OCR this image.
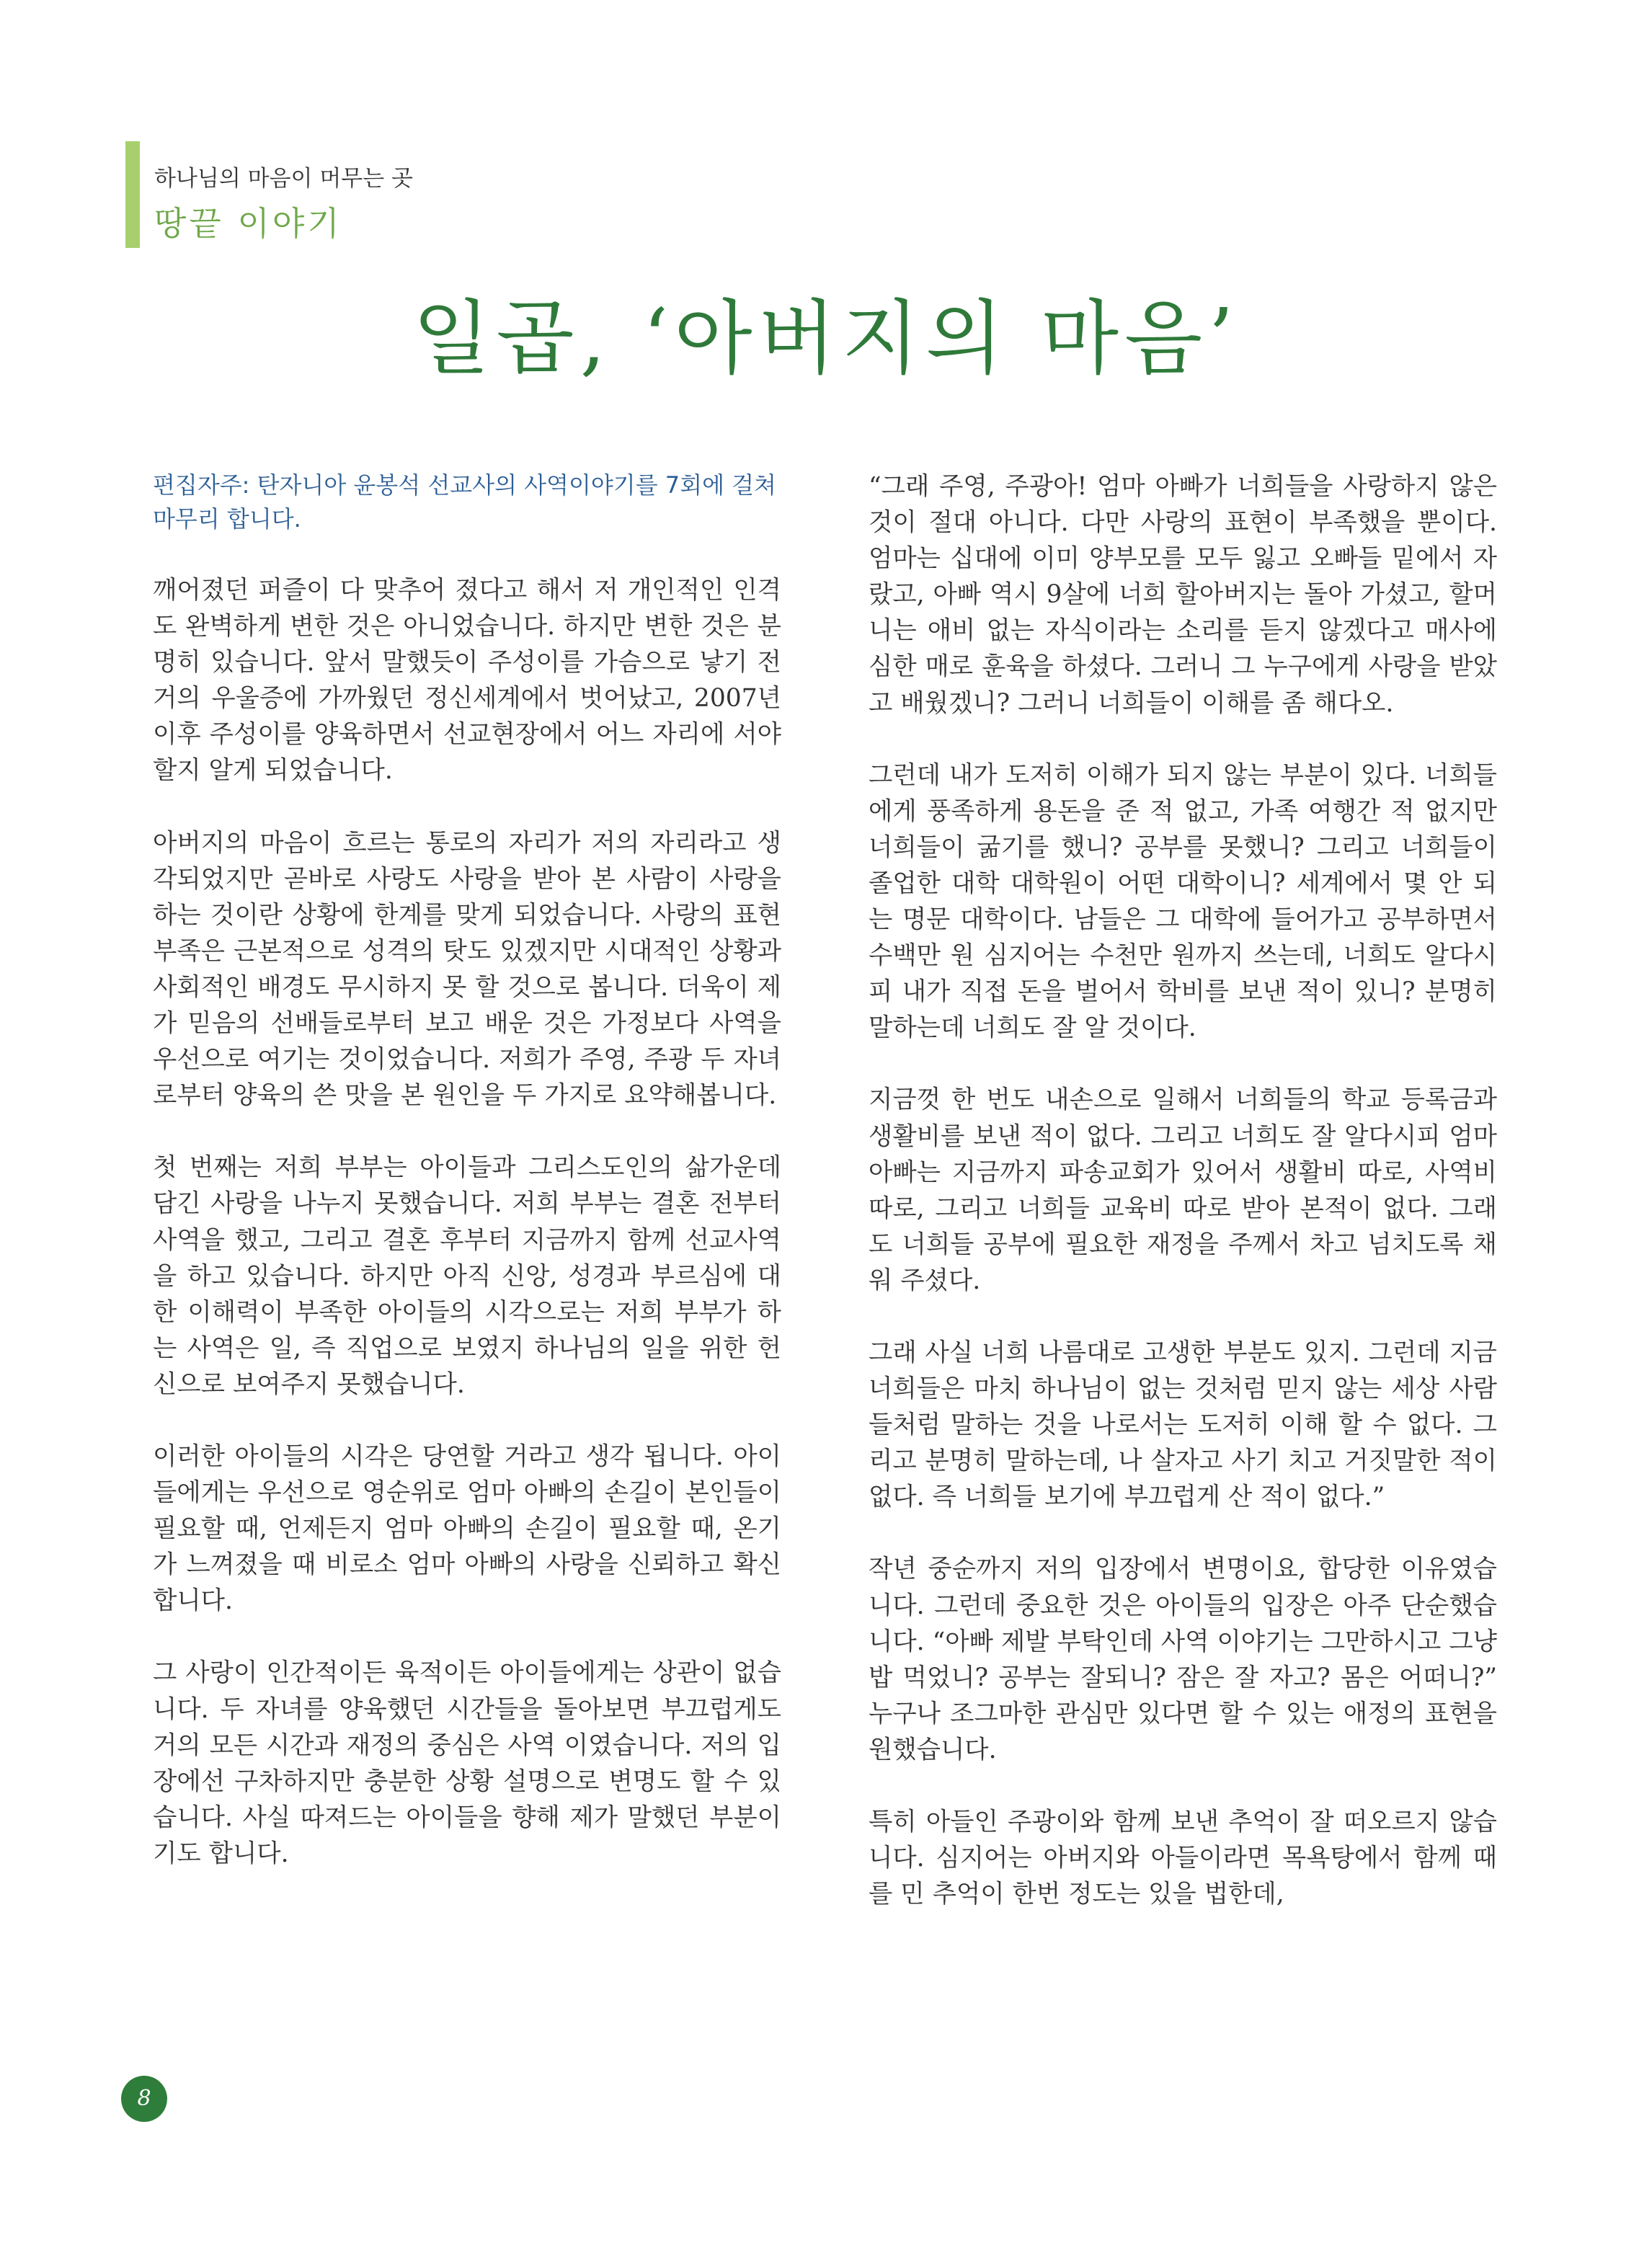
하나님의 마음이 머무는 곳
땅끝 이야기
일곱, ‘아버지의 마음’

편집자주: 탄자니아 윤봉석 선교사의 사역이야기를 7회에 걸쳐 마무리 합니다.

깨어졌던 퍼즐이 다 맞추어 졌다고 해서 저 개인적인 인격도 완벽하게 변한 것은 아니었습니다. 하지만 변한 것은 분명히 있습니다. 앞서 말했듯이 주성이를 가슴으로 낳기 전 거의 우울증에 가까웠던 정신세계에서 벗어났고, 2007년 이후 주성이를 양육하면서 선교현장에서 어느 자리에 서야 할지 알게 되었습니다.

아버지의 마음이 흐르는 통로의 자리가 저의 자리라고 생각되었지만 곧바로 사랑도 사랑을 받아 본 사람이 사랑을 하는 것이란 상황에 한계를 맞게 되었습니다. 사랑의 표현 부족은 근본적으로 성격의 탓도 있겠지만 시대적인 상황과 사회적인 배경도 무시하지 못 할 것으로 봅니다. 더욱이 제가 믿음의 선배들로부터 보고 배운 것은 가정보다 사역을 우선으로 여기는 것이었습니다. 저희가 주영, 주광 두 자녀로부터 양육의 쓴 맛을 본 원인을 두 가지로 요약해봅니다.

첫 번째는 저희 부부는 아이들과 그리스도인의 삶가운데 담긴 사랑을 나누지 못했습니다. 저희 부부는 결혼 전부터 사역을 했고, 그리고 결혼 후부터 지금까지 함께 선교사역을 하고 있습니다. 하지만 아직 신앙, 성경과 부르심에 대한 이해력이 부족한 아이들의 시각으로는 저희 부부가 하는 사역은 일, 즉 직업으로 보였지 하나님의 일을 위한 헌신으로 보여주지 못했습니다.

이러한 아이들의 시각은 당연할 거라고 생각 됩니다. 아이들에게는 우선으로 영순위로 엄마 아빠의 손길이 본인들이 필요할 때, 언제든지 엄마 아빠의 손길이 필요할 때, 온기가 느껴졌을 때 비로소 엄마 아빠의 사랑을 신뢰하고 확신합니다.

그 사랑이 인간적이든 육적이든 아이들에게는 상관이 없습니다. 두 자녀를 양육했던 시간들을 돌아보면 부끄럽게도 거의 모든 시간과 재정의 중심은 사역 이였습니다. 저의 입장에선 구차하지만 충분한 상황 설명으로 변명도 할 수 있습니다. 사실 따져드는 아이들을 향해 제가 말했던 부분이기도 합니다.

“그래 주영, 주광아! 엄마 아빠가 너희들을 사랑하지 않은 것이 절대 아니다. 다만 사랑의 표현이 부족했을 뿐이다. 엄마는 십대에 이미 양부모를 모두 잃고 오빠들 밑에서 자랐고, 아빠 역시 9살에 너희 할아버지는 돌아 가셨고, 할머니는 애비 없는 자식이라는 소리를 듣지 않겠다고 매사에 심한 매로 훈육을 하셨다. 그러니 그 누구에게 사랑을 받았고 배웠겠니? 그러니 너희들이 이해를 좀 해다오.

그런데 내가 도저히 이해가 되지 않는 부분이 있다. 너희들에게 풍족하게 용돈을 준 적 없고, 가족 여행간 적 없지만 너희들이 굶기를 했니? 공부를 못했니? 그리고 너희들이 졸업한 대학 대학원이 어떤 대학이니? 세계에서 몇 안 되는 명문 대학이다. 남들은 그 대학에 들어가고 공부하면서 수백만 원 심지어는 수천만 원까지 쓰는데, 너희도 알다시피 내가 직접 돈을 벌어서 학비를 보낸 적이 있니? 분명히 말하는데 너희도 잘 알 것이다.

지금껏 한 번도 내손으로 일해서 너희들의 학교 등록금과 생활비를 보낸 적이 없다. 그리고 너희도 잘 알다시피 엄마 아빠는 지금까지 파송교회가 있어서 생활비 따로, 사역비 따로, 그리고 너희들 교육비 따로 받아 본적이 없다. 그래도 너희들 공부에 필요한 재정을 주께서 차고 넘치도록 채워 주셨다.

그래 사실 너희 나름대로 고생한 부분도 있지. 그런데 지금 너희들은 마치 하나님이 없는 것처럼 믿지 않는 세상 사람들처럼 말하는 것을 나로서는 도저히 이해 할 수 없다. 그리고 분명히 말하는데, 나 살자고 사기 치고 거짓말한 적이 없다. 즉 너희들 보기에 부끄럽게 산 적이 없다.”

작년 중순까지 저의 입장에서 변명이요, 합당한 이유였습니다. 그런데 중요한 것은 아이들의 입장은 아주 단순했습니다. “아빠 제발 부탁인데 사역 이야기는 그만하시고 그냥 밥 먹었니? 공부는 잘되니? 잠은 잘 자고? 몸은 어떠니?” 누구나 조그마한 관심만 있다면 할 수 있는 애정의 표현을 원했습니다.

특히 아들인 주광이와 함께 보낸 추억이 잘 떠오르지 않습니다. 심지어는 아버지와 아들이라면 목욕탕에서 함께 때를 민 추억이 한번 정도는 있을 법한데,

8
